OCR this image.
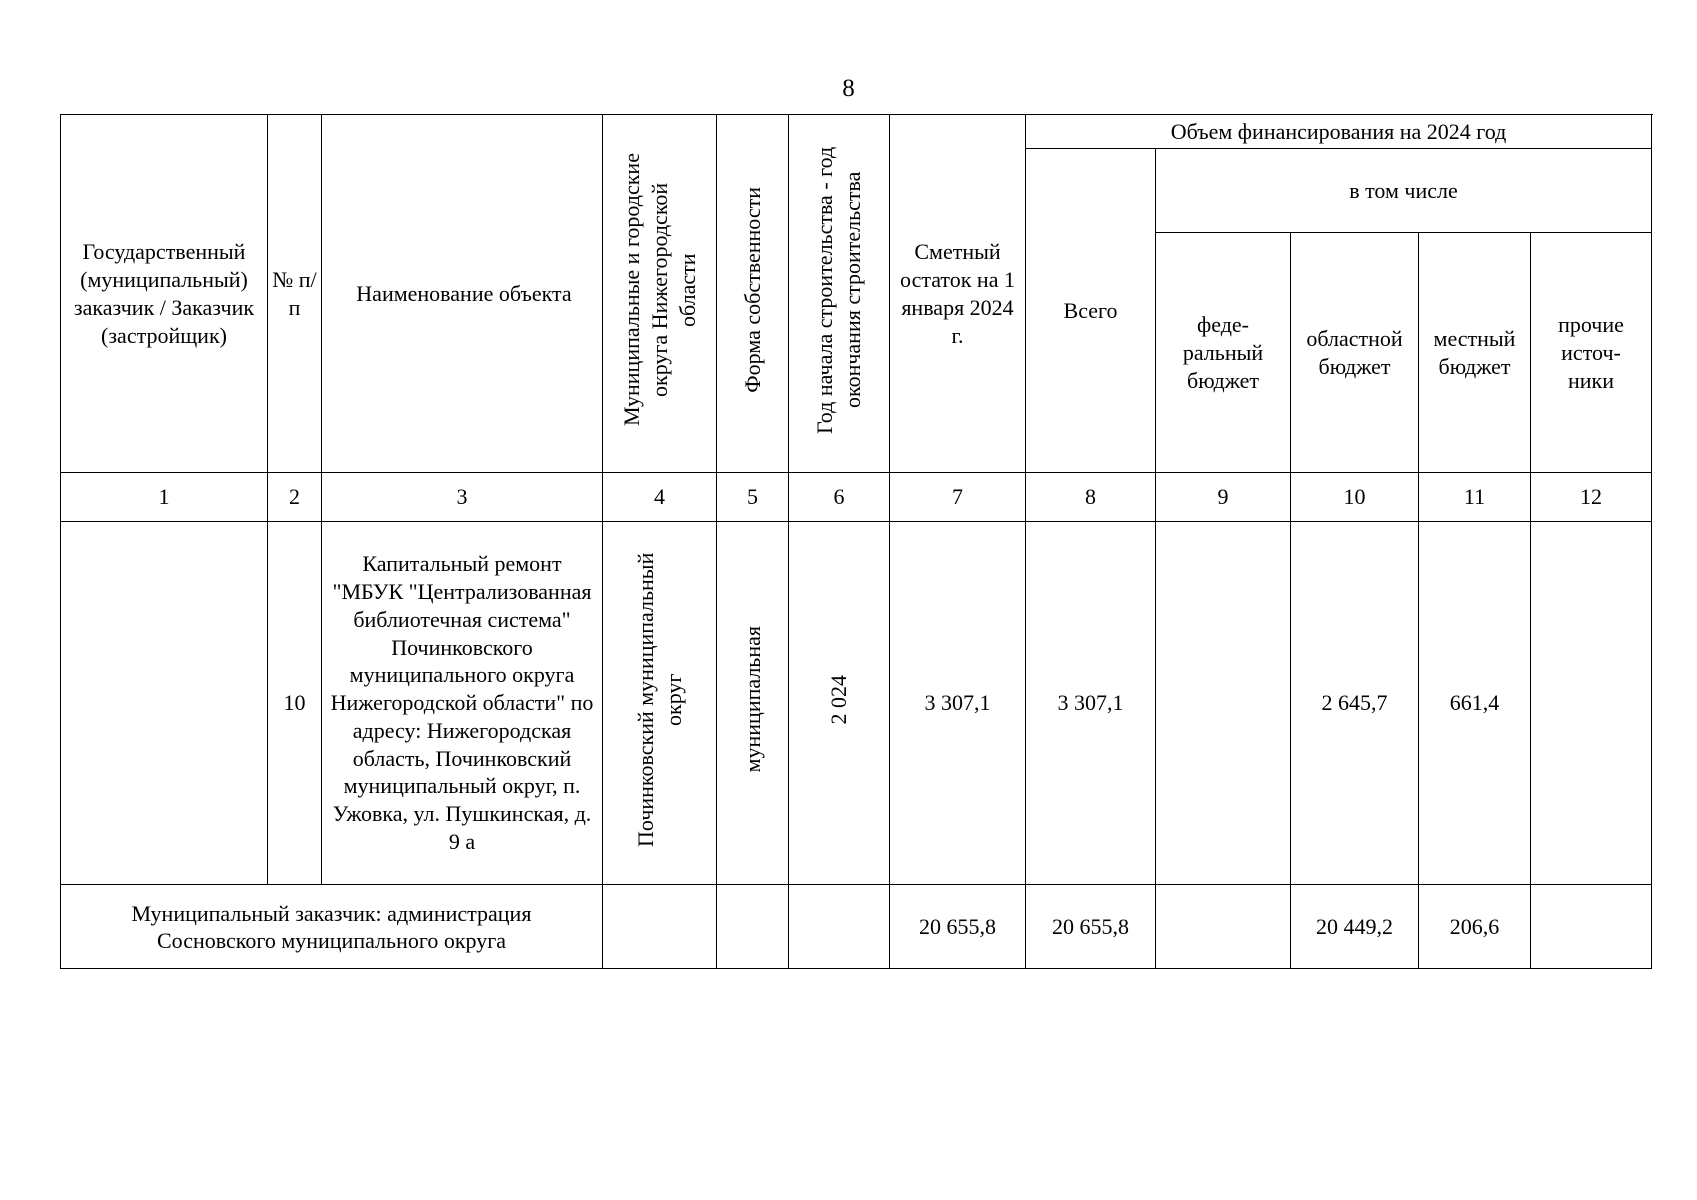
8
Государственный (муниципальный) заказчик / Заказчик (застройщик)	№ п/п	Наименование объекта	Муниципальные и городские округа Нижегородской области	Форма собственности	Год начала строительства - год окончания строительства	Сметный остаток на 1 января 2024 г.	Объем финансирования на 2024 год				
							Всего	в том числе			
								феде-ральный бюджет	областной бюджет	местный бюджет	прочие источ-ники
1	2	3	4	5	6	7	8	9	10	11	12
	10	Капитальный ремонт "МБУК "Централизованная библиотечная система" Починковского муниципального округа Нижегородской области" по адресу: Нижегородская область, Починковский муниципальный округ, п. Ужовка, ул. Пушкинская, д. 9 а	Починковский муниципальный округ	муниципальная	2 024	3 307,1	3 307,1		2 645,7	661,4	
Муниципальный заказчик: администрация Сосновского муниципального округа						20 655,8	20 655,8		20 449,2	206,6	
